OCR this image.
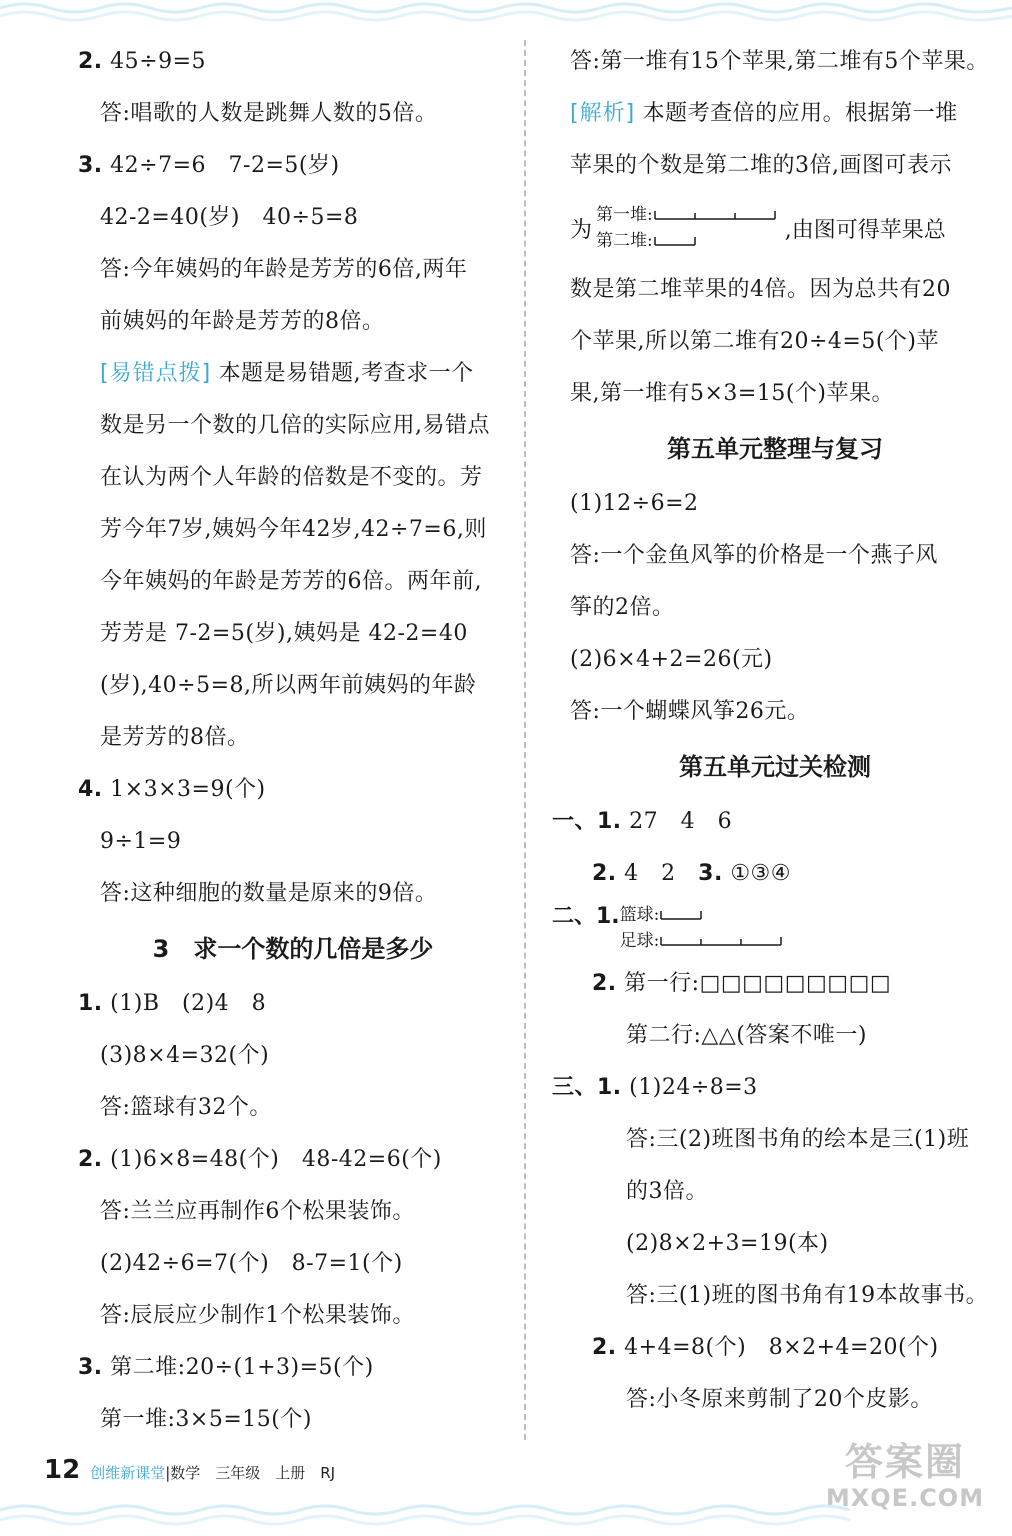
2. 45÷9=5
答:唱歌的人数是跳舞人数的5倍。
3. 42÷7=6　7-2=5(岁)
42-2=40(岁)　40÷5=8
答:今年姨妈的年龄是芳芳的6倍,两年
前姨妈的年龄是芳芳的8倍。
[易错点拨] 本题是易错题,考查求一个
数是另一个数的几倍的实际应用,易错点
在认为两个人年龄的倍数是不变的。芳
芳今年7岁,姨妈今年42岁,42÷7=6,则
今年姨妈的年龄是芳芳的6倍。两年前,
芳芳是 7-2=5(岁),姨妈是 42-2=40
(岁),40÷5=8,所以两年前姨妈的年龄
是芳芳的8倍。
4. 1×3×3=9(个)
9÷1=9
答:这种细胞的数量是原来的9倍。
3　求一个数的几倍是多少
1. (1)B　(2)4　8
(3)8×4=32(个)
答:篮球有32个。
2. (1)6×8=48(个)　48-42=6(个)
答:兰兰应再制作6个松果装饰。
(2)42÷6=7(个)　8-7=1(个)
答:辰辰应少制作1个松果装饰。
3. 第二堆:20÷(1+3)=5(个)
第一堆:3×5=15(个)
答:第一堆有15个苹果,第二堆有5个苹果。
[解析] 本题考查倍的应用。根据第一堆
苹果的个数是第二堆的3倍,画图可表示
为
第一堆:
第二堆:	,由图可得苹果总
数是第二堆苹果的4倍。因为总共有20
个苹果,所以第二堆有20÷4=5(个)苹
果,第一堆有5×3=15(个)苹果。
第五单元整理与复习
(1)12÷6=2
答:一个金鱼风筝的价格是一个燕子风
筝的2倍。
(2)6×4+2=26(元)
答:一个蝴蝶风筝26元。
第五单元过关检测
一、1. 27　4　6
2. 4　2　3. ①③④
二、1. 篮球:
足球:
2. 第一行:□□□□□□□□□
第二行:△△(答案不唯一)
三、1. (1)24÷8=3
答:三(2)班图书角的绘本是三(1)班
的3倍。
(2)8×2+3=19(本)
答:三(1)班的图书角有19本故事书。
2. 4+4=8(个)　8×2+4=20(个)
答:小冬原来剪制了20个皮影。
12 创维新课堂 |数学　三年级　上册　RJ	答案圈
MXQE.COM
